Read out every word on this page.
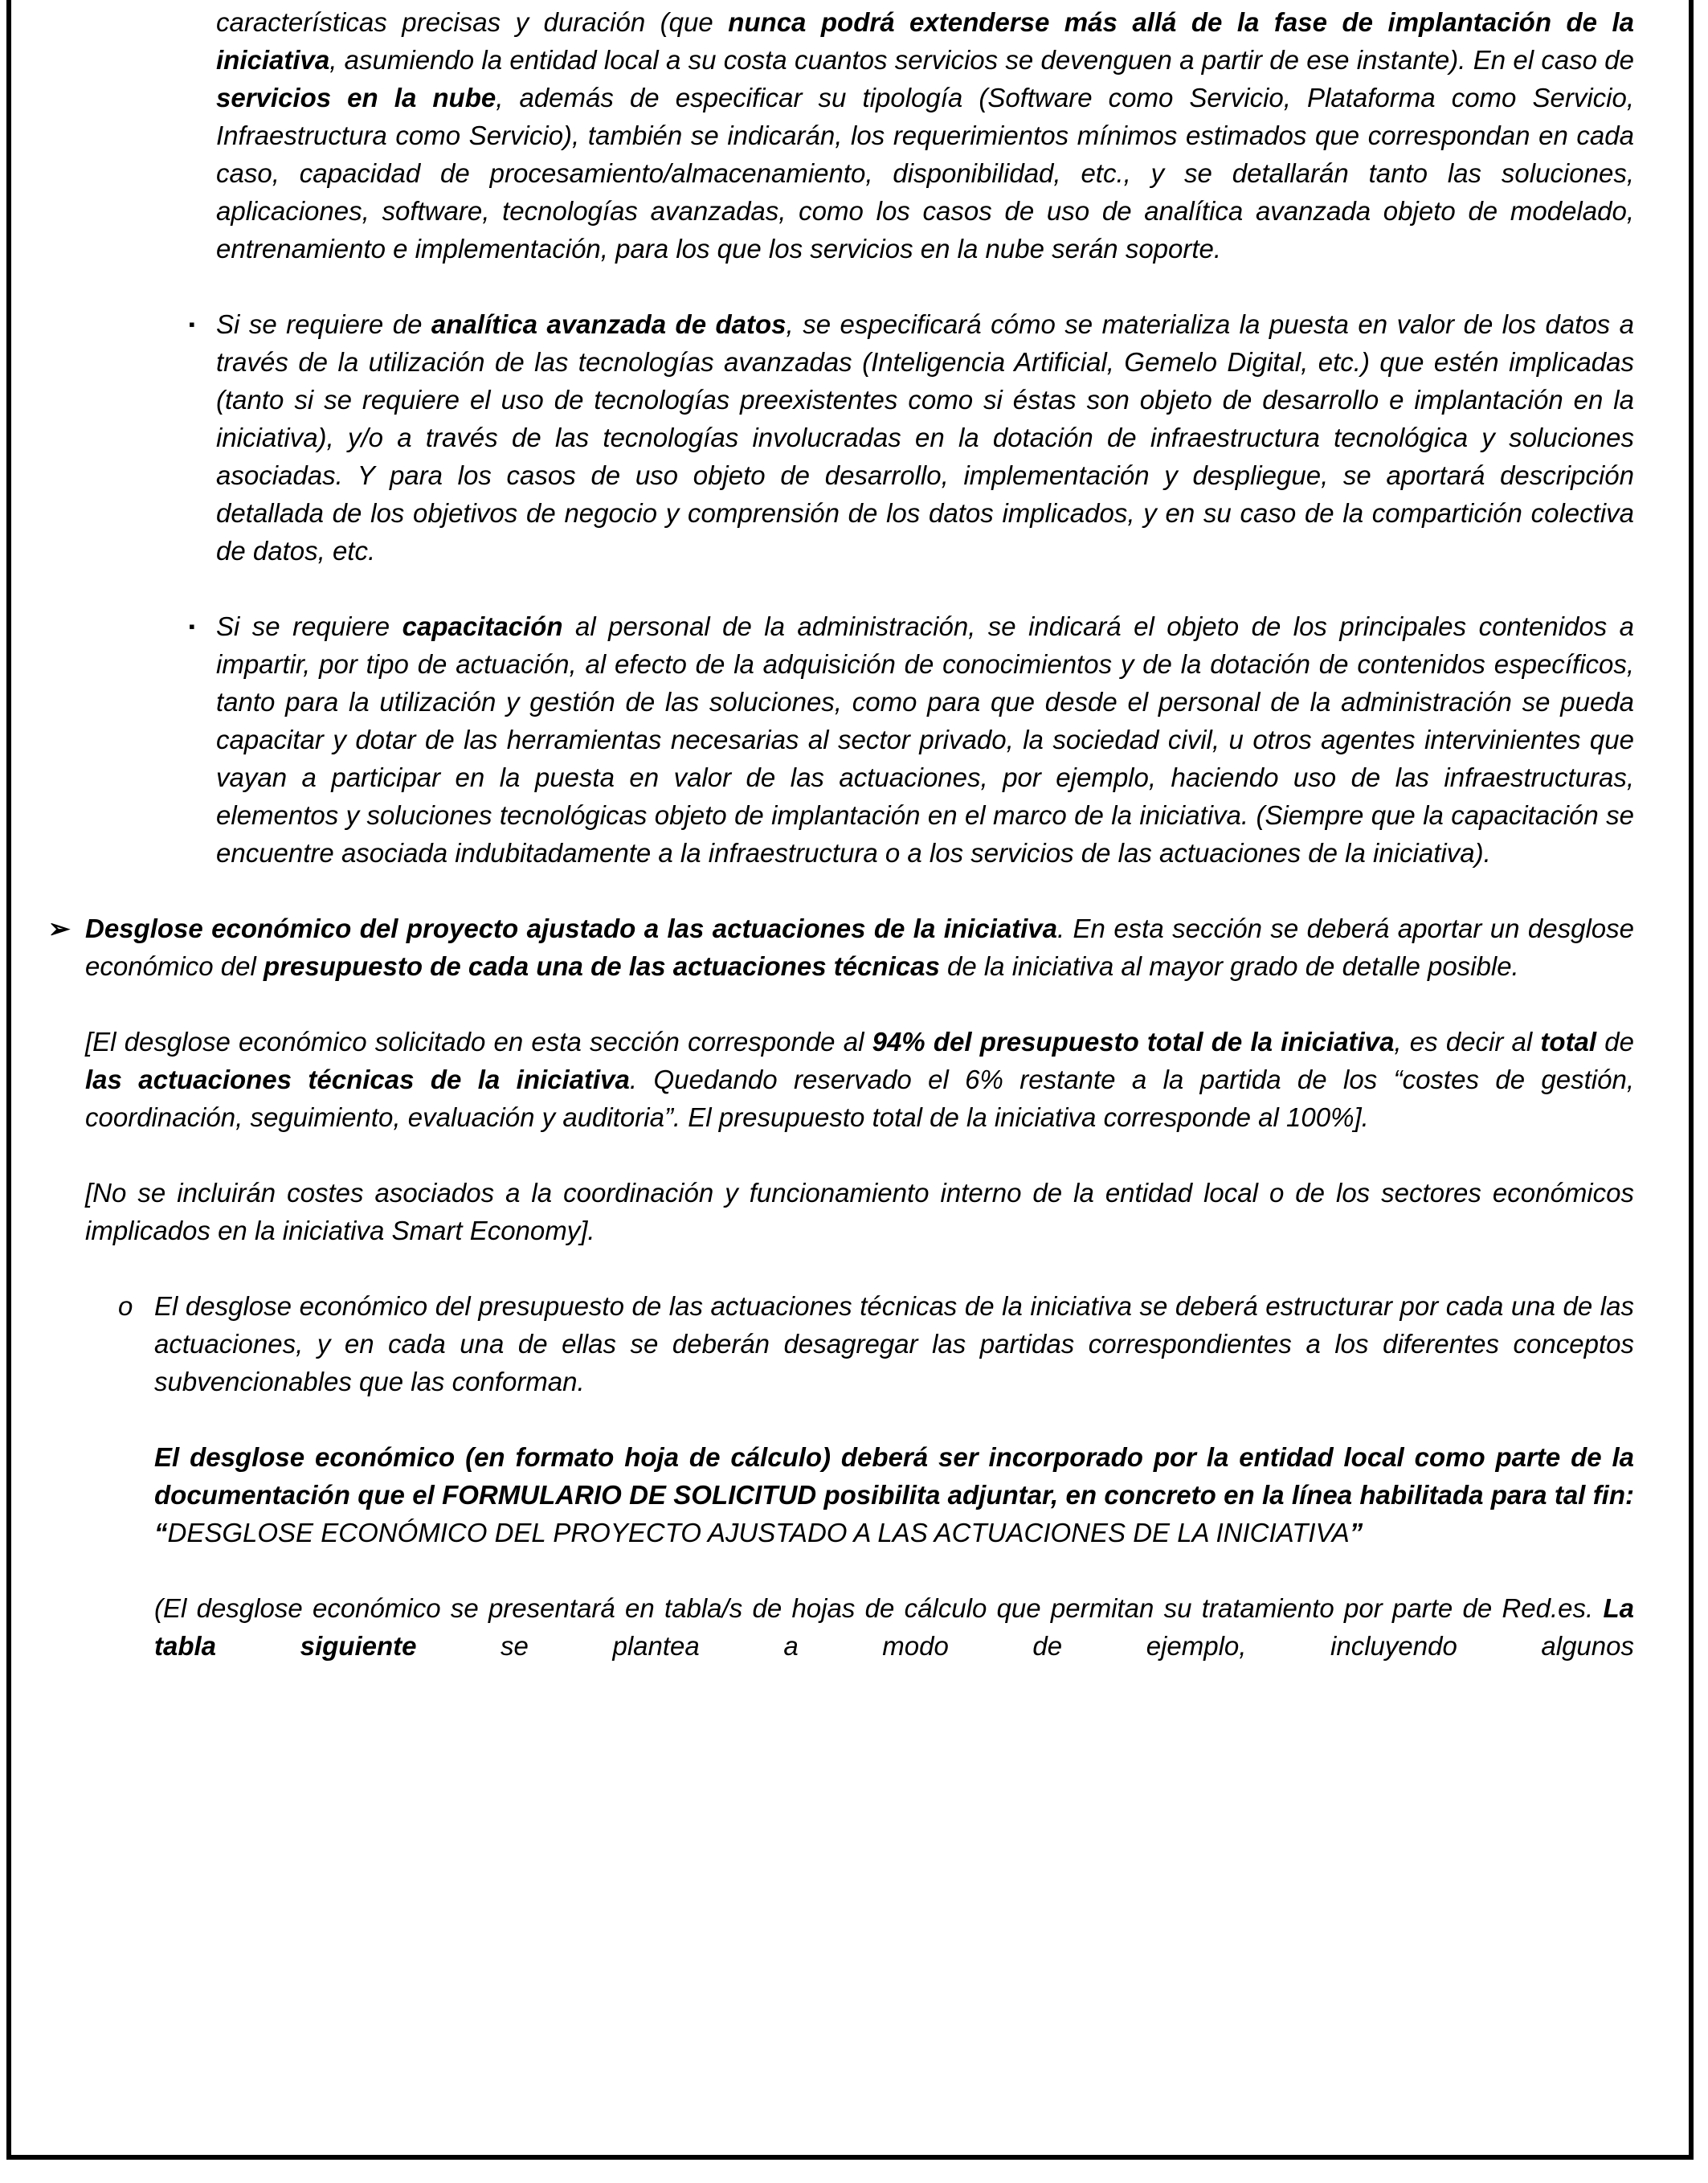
características precisas y duración (que nunca podrá extenderse más allá de la fase de implantación de la iniciativa, asumiendo la entidad local a su costa cuantos servicios se devenguen a partir de ese instante). En el caso de servicios en la nube, además de especificar su tipología (Software como Servicio, Plataforma como Servicio, Infraestructura como Servicio), también se indicarán, los requerimientos mínimos estimados que correspondan en cada caso, capacidad de procesamiento/almacenamiento, disponibilidad, etc., y se detallarán tanto las soluciones, aplicaciones, software, tecnologías avanzadas, como los casos de uso de analítica avanzada objeto de modelado, entrenamiento e implementación, para los que los servicios en la nube serán soporte.
▪ Si se requiere de analítica avanzada de datos, se especificará cómo se materializa la puesta en valor de los datos a través de la utilización de las tecnologías avanzadas (Inteligencia Artificial, Gemelo Digital, etc.) que estén implicadas (tanto si se requiere el uso de tecnologías preexistentes como si éstas son objeto de desarrollo e implantación en la iniciativa), y/o a través de las tecnologías involucradas en la dotación de infraestructura tecnológica y soluciones asociadas. Y para los casos de uso objeto de desarrollo, implementación y despliegue, se aportará descripción detallada de los objetivos de negocio y comprensión de los datos implicados, y en su caso de la compartición colectiva de datos, etc.
▪ Si se requiere capacitación al personal de la administración, se indicará el objeto de los principales contenidos a impartir, por tipo de actuación, al efecto de la adquisición de conocimientos y de la dotación de contenidos específicos, tanto para la utilización y gestión de las soluciones, como para que desde el personal de la administración se pueda capacitar y dotar de las herramientas necesarias al sector privado, la sociedad civil, u otros agentes intervinientes que vayan a participar en la puesta en valor de las actuaciones, por ejemplo, haciendo uso de las infraestructuras, elementos y soluciones tecnológicas objeto de implantación en el marco de la iniciativa. (Siempre que la capacitación se encuentre asociada indubitadamente a la infraestructura o a los servicios de las actuaciones de la iniciativa).
➢ Desglose económico del proyecto ajustado a las actuaciones de la iniciativa. En esta sección se deberá aportar un desglose económico del presupuesto de cada una de las actuaciones técnicas de la iniciativa al mayor grado de detalle posible.
[El desglose económico solicitado en esta sección corresponde al 94% del presupuesto total de la iniciativa, es decir al total de las actuaciones técnicas de la iniciativa. Quedando reservado el 6% restante a la partida de los “costes de gestión, coordinación, seguimiento, evaluación y auditoria”. El presupuesto total de la iniciativa corresponde al 100%].
[No se incluirán costes asociados a la coordinación y funcionamiento interno de la entidad local o de los sectores económicos implicados en la iniciativa Smart Economy].
o El desglose económico del presupuesto de las actuaciones técnicas de la iniciativa se deberá estructurar por cada una de las actuaciones, y en cada una de ellas se deberán desagregar las partidas correspondientes a los diferentes conceptos subvencionables que las conforman.
El desglose económico (en formato hoja de cálculo) deberá ser incorporado por la entidad local como parte de la documentación que el FORMULARIO DE SOLICITUD posibilita adjuntar, en concreto en la línea habilitada para tal fin: “DESGLOSE ECONÓMICO DEL PROYECTO AJUSTADO A LAS ACTUACIONES DE LA INICIATIVA”
(El desglose económico se presentará en tabla/s de hojas de cálculo que permitan su tratamiento por parte de Red.es. La tabla siguiente se plantea a modo de ejemplo, incluyendo algunos
